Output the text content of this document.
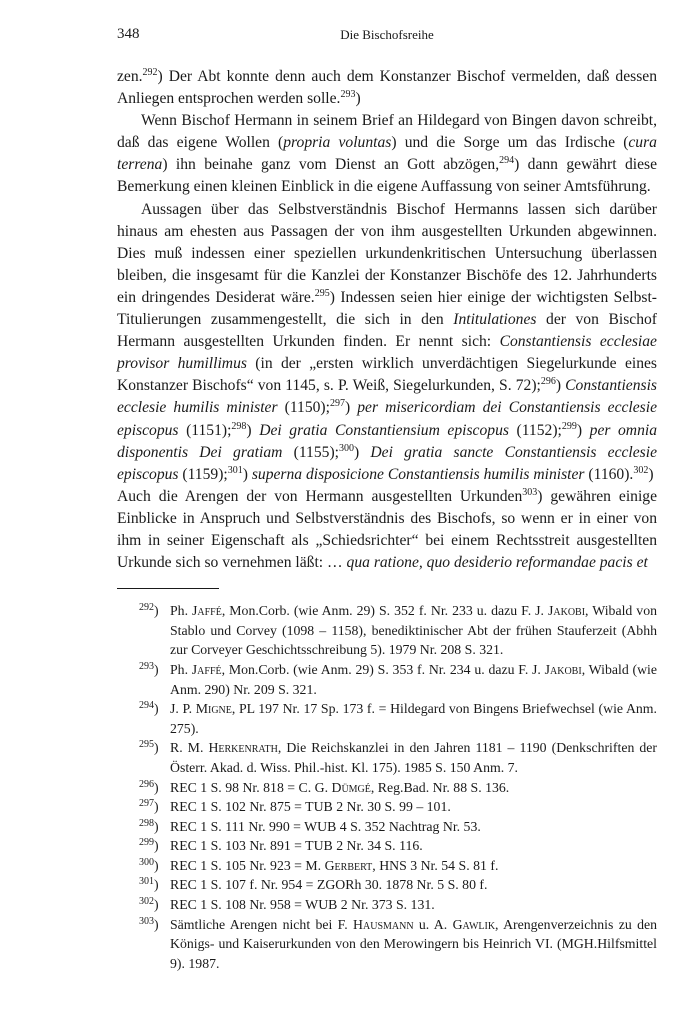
348	Die Bischofsreihe

zen.$^{292}$) Der Abt konnte denn auch dem Konstanzer Bischof vermelden, daß dessen Anliegen entsprochen werden solle.$^{293}$)

Wenn Bischof Hermann in seinem Brief an Hildegard von Bingen davon schreibt, daß das eigene Wollen (propria voluntas) und die Sorge um das Irdische (cura terrena) ihn beinahe ganz vom Dienst an Gott abzögen,$^{294}$) dann gewährt diese Bemerkung einen kleinen Einblick in die eigene Auffassung von seiner Amtsführung.

Aussagen über das Selbstverständnis Bischof Hermanns lassen sich darüber hinaus am ehesten aus Passagen der von ihm ausgestellten Urkunden abgewinnen. Dies muß indessen einer speziellen urkundenkritischen Untersuchung überlassen bleiben, die insgesamt für die Kanzlei der Konstanzer Bischöfe des 12. Jahrhunderts ein dringendes Desiderat wäre.$^{295}$) Indessen seien hier einige der wichtigsten Selbst-Titulierungen zusammengestellt, die sich in den Intitulationes der von Bischof Hermann ausgestellten Urkunden finden. Er nennt sich: Constantiensis ecclesiae provisor humillimus (in der „ersten wirklich unverdächtigen Siegelurkunde eines Konstanzer Bischofs“ von 1145, s. P. Weiß, Siegelurkunden, S. 72);$^{296}$) Constantiensis ecclesie humilis minister (1150);$^{297}$) per misericordiam dei Constantiensis ecclesie episcopus (1151);$^{298}$) Dei gratia Constantiensium episcopus (1152);$^{299}$) per omnia disponentis Dei gratiam (1155);$^{300}$) Dei gratia sancte Constantiensis ecclesie episcopus (1159);$^{301}$) superna disposicione Constantiensis humilis minister (1160).$^{302}$)

Auch die Arengen der von Hermann ausgestellten Urkunden$^{303}$) gewähren einige Einblicke in Anspruch und Selbstverständnis des Bischofs, so wenn er in einer von ihm in seiner Eigenschaft als „Schiedsrichter“ bei einem Rechtsstreit ausgestellten Urkunde sich so vernehmen läßt: … qua ratione, quo desiderio reformandae pacis et

$^{292}$) Ph. Jaffé, Mon.Corb. (wie Anm. 29) S. 352 f. Nr. 233 u. dazu F. J. Jakobi, Wibald von Stablo und Corvey (1098 – 1158), benediktinischer Abt der frühen Stauferzeit (Abhh zur Corveyer Geschichtsschreibung 5). 1979 Nr. 208 S. 321.
$^{293}$) Ph. Jaffé, Mon.Corb. (wie Anm. 29) S. 353 f. Nr. 234 u. dazu F. J. Jakobi, Wibald (wie Anm. 290) Nr. 209 S. 321.
$^{294}$) J. P. Migne, PL 197 Nr. 17 Sp. 173 f. = Hildegard von Bingens Briefwechsel (wie Anm. 275).
$^{295}$) R. M. Herkenrath, Die Reichskanzlei in den Jahren 1181 – 1190 (Denkschriften der Österr. Akad. d. Wiss. Phil.-hist. Kl. 175). 1985 S. 150 Anm. 7.
$^{296}$) REC 1 S. 98 Nr. 818 = C. G. Dümgé, Reg.Bad. Nr. 88 S. 136.
$^{297}$) REC 1 S. 102 Nr. 875 = TUB 2 Nr. 30 S. 99 – 101.
$^{298}$) REC 1 S. 111 Nr. 990 = WUB 4 S. 352 Nachtrag Nr. 53.
$^{299}$) REC 1 S. 103 Nr. 891 = TUB 2 Nr. 34 S. 116.
$^{300}$) REC 1 S. 105 Nr. 923 = M. Gerbert, HNS 3 Nr. 54 S. 81 f.
$^{301}$) REC 1 S. 107 f. Nr. 954 = ZGORh 30. 1878 Nr. 5 S. 80 f.
$^{302}$) REC 1 S. 108 Nr. 958 = WUB 2 Nr. 373 S. 131.
$^{303}$) Sämtliche Arengen nicht bei F. Hausmann u. A. Gawlik, Arengenverzeichnis zu den Königs- und Kaiserurkunden von den Merowingern bis Heinrich VI. (MGH.Hilfsmittel 9). 1987.
